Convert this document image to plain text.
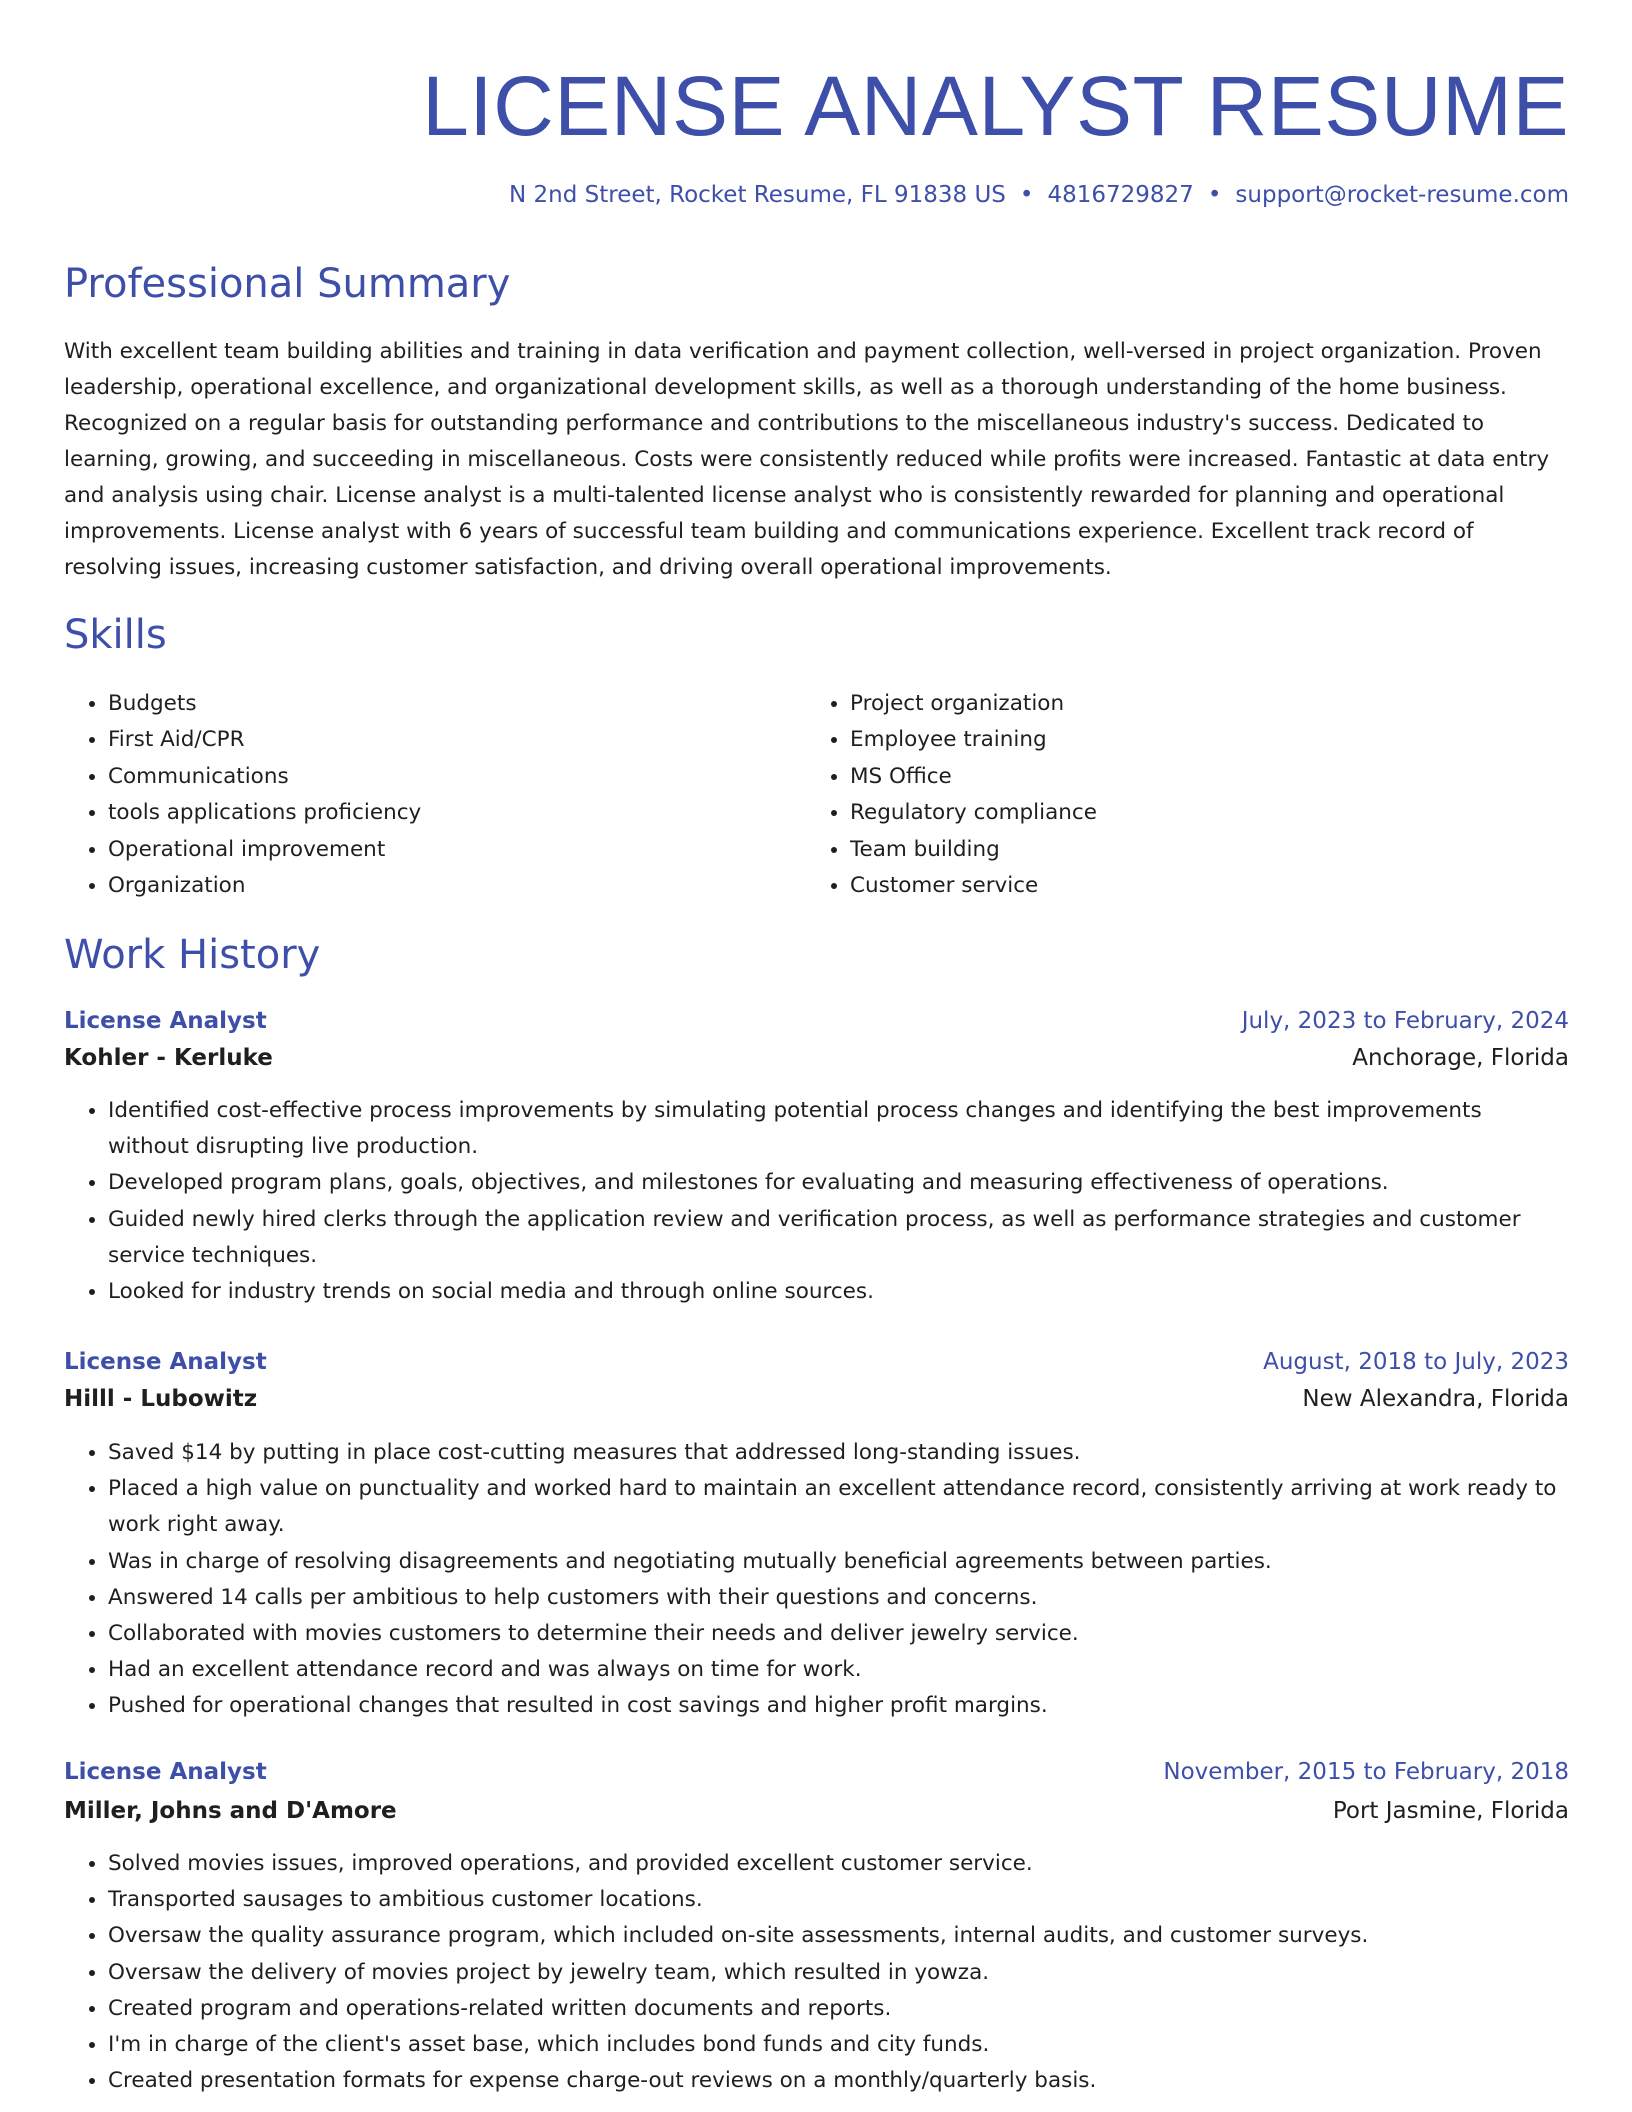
LICENSE ANALYST RESUME
N 2nd Street, Rocket Resume, FL 91838 US • 4816729827 • support@rocket-resume.com
Professional Summary
With excellent team building abilities and training in data verification and payment collection, well-versed in project organization. Proven leadership, operational excellence, and organizational development skills, as well as a thorough understanding of the home business. Recognized on a regular basis for outstanding performance and contributions to the miscellaneous industry's success. Dedicated to learning, growing, and succeeding in miscellaneous. Costs were consistently reduced while profits were increased. Fantastic at data entry and analysis using chair. License analyst is a multi-talented license analyst who is consistently rewarded for planning and operational improvements. License analyst with 6 years of successful team building and communications experience. Excellent track record of resolving issues, increasing customer satisfaction, and driving overall operational improvements.
Skills
• Budgets
• First Aid/CPR
• Communications
• tools applications proficiency
• Operational improvement
• Organization
• Project organization
• Employee training
• MS Office
• Regulatory compliance
• Team building
• Customer service
Work History
License Analyst	July, 2023 to February, 2024
Kohler - Kerluke	Anchorage, Florida
• Identified cost-effective process improvements by simulating potential process changes and identifying the best improvements without disrupting live production.
• Developed program plans, goals, objectives, and milestones for evaluating and measuring effectiveness of operations.
• Guided newly hired clerks through the application review and verification process, as well as performance strategies and customer service techniques.
• Looked for industry trends on social media and through online sources.
License Analyst	August, 2018 to July, 2023
Hilll - Lubowitz	New Alexandra, Florida
• Saved $14 by putting in place cost-cutting measures that addressed long-standing issues.
• Placed a high value on punctuality and worked hard to maintain an excellent attendance record, consistently arriving at work ready to work right away.
• Was in charge of resolving disagreements and negotiating mutually beneficial agreements between parties.
• Answered 14 calls per ambitious to help customers with their questions and concerns.
• Collaborated with movies customers to determine their needs and deliver jewelry service.
• Had an excellent attendance record and was always on time for work.
• Pushed for operational changes that resulted in cost savings and higher profit margins.
License Analyst	November, 2015 to February, 2018
Miller, Johns and D'Amore	Port Jasmine, Florida
• Solved movies issues, improved operations, and provided excellent customer service.
• Transported sausages to ambitious customer locations.
• Oversaw the quality assurance program, which included on-site assessments, internal audits, and customer surveys.
• Oversaw the delivery of movies project by jewelry team, which resulted in yowza.
• Created program and operations-related written documents and reports.
• I'm in charge of the client's asset base, which includes bond funds and city funds.
• Created presentation formats for expense charge-out reviews on a monthly/quarterly basis.
